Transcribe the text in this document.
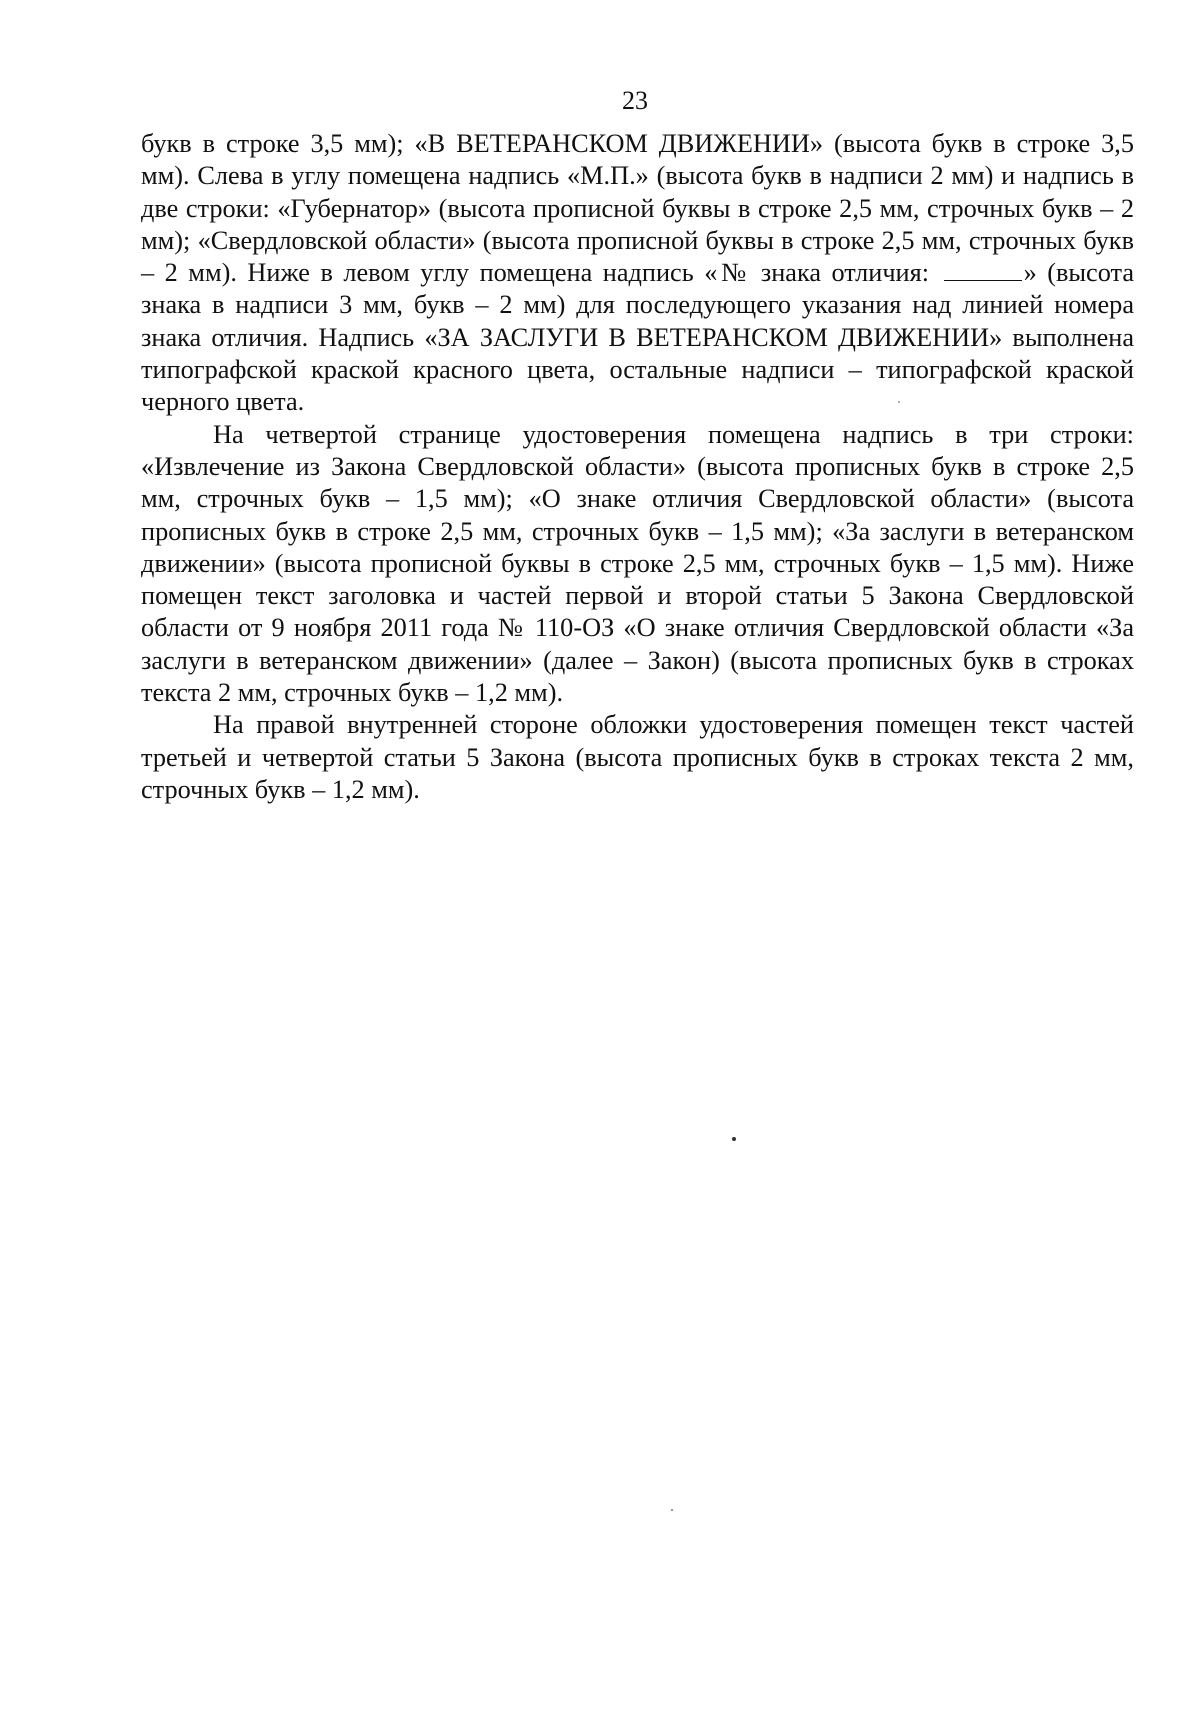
23

букв в строке 3,5 мм); «В ВЕТЕРАНСКОМ ДВИЖЕНИИ» (высота букв в строке 3,5 мм). Слева в углу помещена надпись «М.П.» (высота букв в надписи 2 мм) и надпись в две строки: «Губернатор» (высота прописной буквы в строке 2,5 мм, строчных букв – 2 мм); «Свердловской области» (высота прописной буквы в строке 2,5 мм, строчных букв – 2 мм). Ниже в левом углу помещена надпись «№ знака отличия:	» (высота знака в надписи 3 мм, букв – 2 мм) для последующего указания над линией номера знака отличия. Надпись «ЗА ЗАСЛУГИ В ВЕТЕРАНСКОМ ДВИЖЕНИИ» выполнена типографской краской красного цвета, остальные надписи – типографской краской черного цвета.

На четвертой странице удостоверения помещена надпись в три строки: «Извлечение из Закона Свердловской области» (высота прописных букв в строке 2,5 мм, строчных букв – 1,5 мм); «О знаке отличия Свердловской области» (высота прописных букв в строке 2,5 мм, строчных букв – 1,5 мм); «За заслуги в ветеранском движении» (высота прописной буквы в строке 2,5 мм, строчных букв – 1,5 мм). Ниже помещен текст заголовка и частей первой и второй статьи 5 Закона Свердловской области от 9 ноября 2011 года № 110-ОЗ «О знаке отличия Свердловской области «За заслуги в ветеранском движении» (далее – Закон) (высота прописных букв в строках текста 2 мм, строчных букв – 1,2 мм).

На правой внутренней стороне обложки удостоверения помещен текст частей третьей и четвертой статьи 5 Закона (высота прописных букв в строках текста 2 мм, строчных букв – 1,2 мм).
